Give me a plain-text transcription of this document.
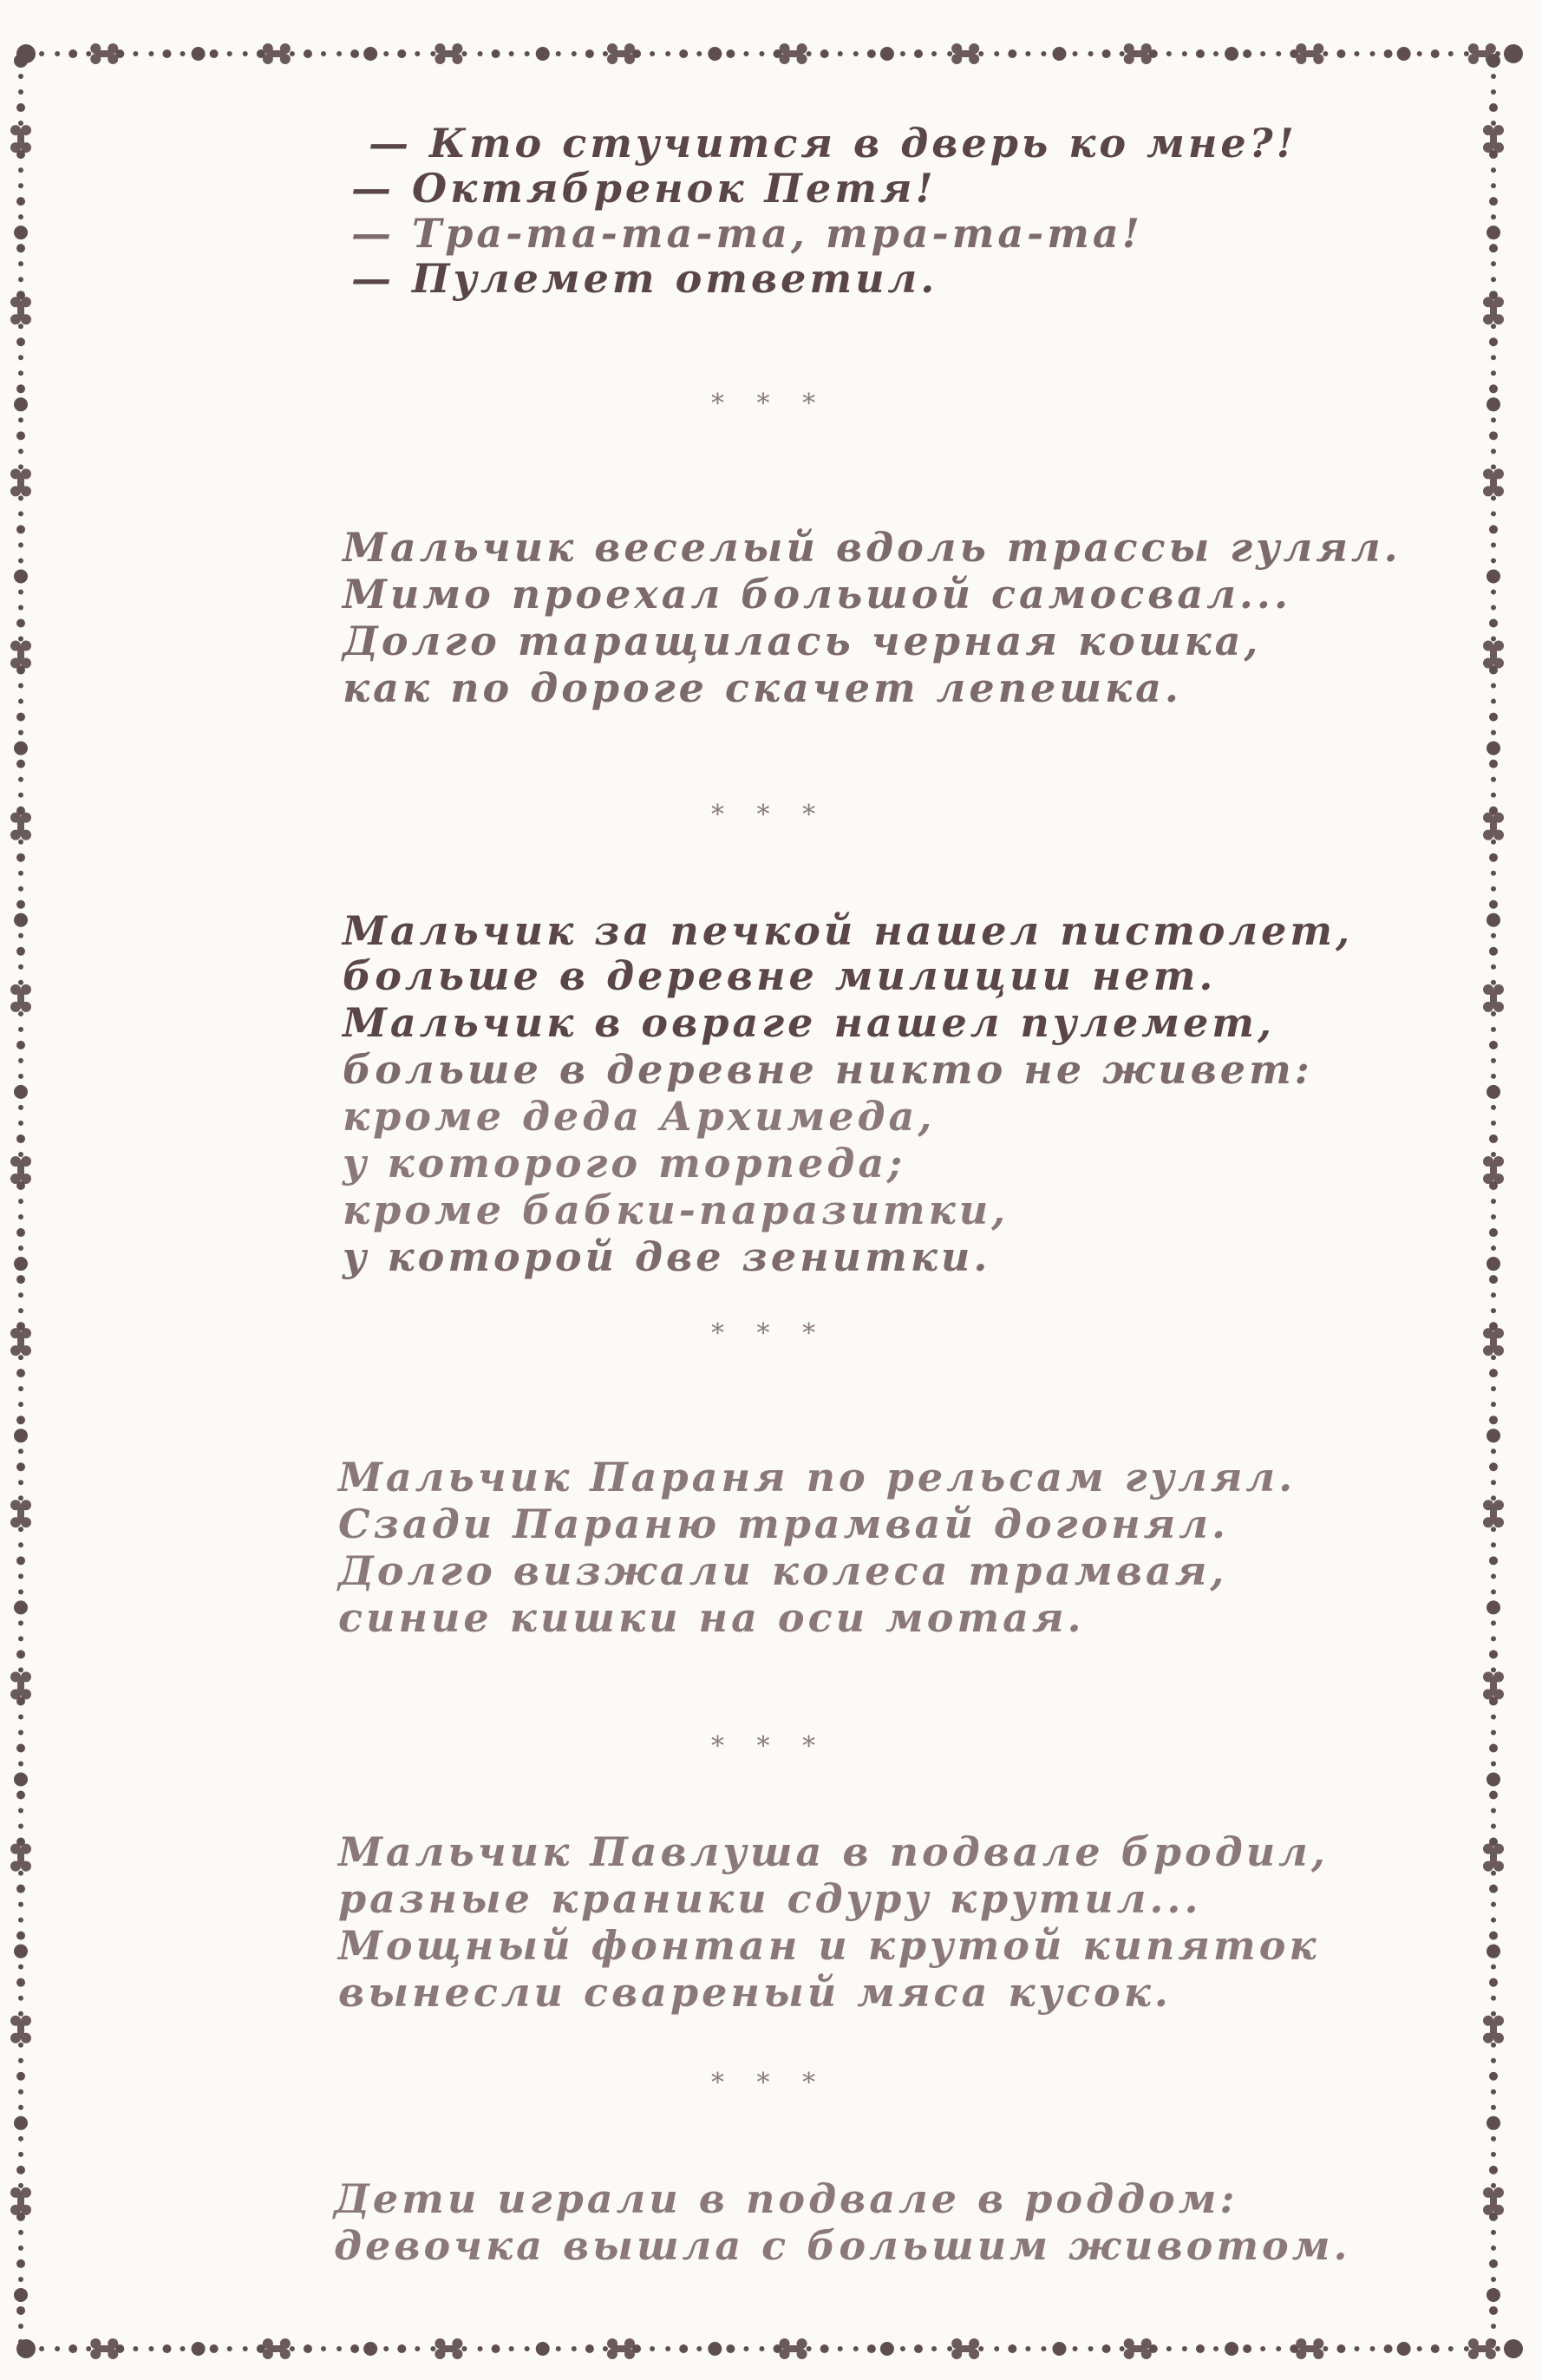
— Кто стучится в дверь ко мне?!
— Октябренок Петя!
— Тра-та-та-та, тра-та-та!
— Пулемет ответил.
* * *
Мальчик веселый вдоль трассы гулял.
Мимо проехал большой самосвал...
Долго таращилась черная кошка,
как по дороге скачет лепешка.
* * *
Мальчик за печкой нашел пистолет,
больше в деревне милиции нет.
Мальчик в овраге нашел пулемет,
больше в деревне никто не живет:
кроме деда Архимеда,
у которого торпеда;
кроме бабки-паразитки,
у которой две зенитки.
* * *
Мальчик Параня по рельсам гулял.
Сзади Параню трамвай догонял.
Долго визжали колеса трамвая,
синие кишки на оси мотая.
* * *
Мальчик Павлуша в подвале бродил,
разные краники сдуру крутил...
Мощный фонтан и крутой кипяток
вынесли свареный мяса кусок.
* * *
Дети играли в подвале в роддом:
девочка вышла с большим животом.
